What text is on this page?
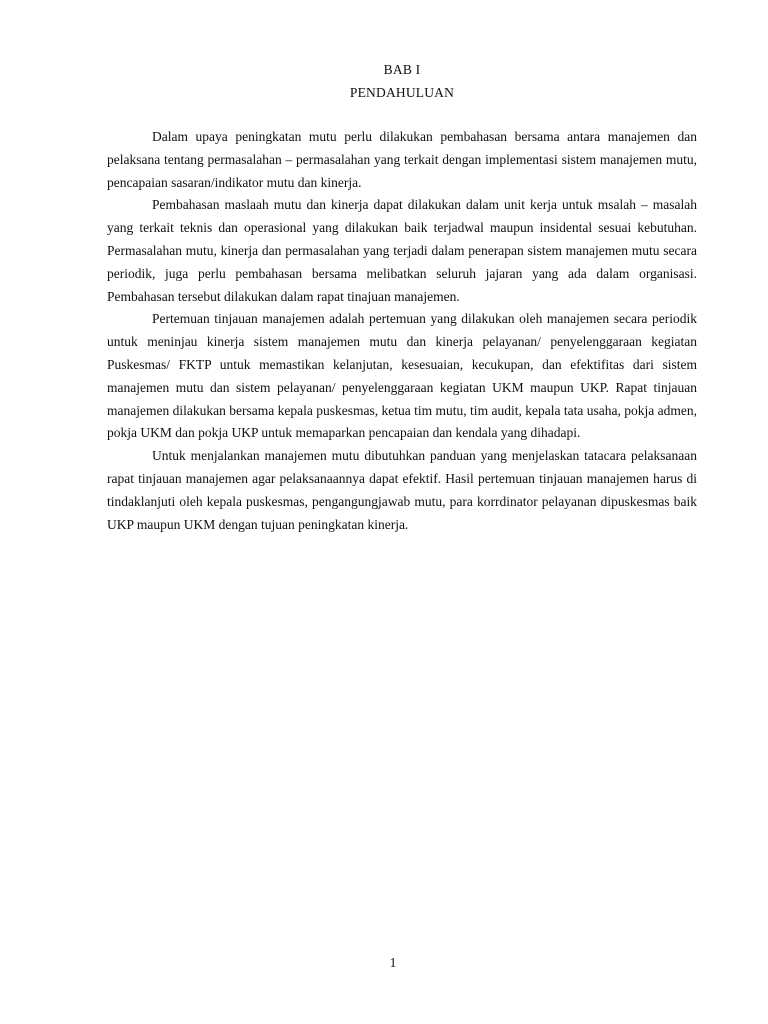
BAB I
PENDAHULUAN

Dalam upaya peningkatan mutu perlu dilakukan pembahasan bersama antara manajemen dan pelaksana tentang permasalahan – permasalahan yang terkait dengan implementasi sistem manajemen mutu, pencapaian sasaran/indikator mutu dan kinerja.

Pembahasan maslaah mutu dan kinerja dapat dilakukan dalam unit kerja untuk msalah – masalah yang terkait teknis dan operasional yang dilakukan baik terjadwal maupun insidental sesuai kebutuhan. Permasalahan mutu, kinerja dan permasalahan yang terjadi dalam penerapan sistem manajemen mutu secara periodik, juga perlu pembahasan bersama melibatkan seluruh jajaran yang ada dalam organisasi. Pembahasan tersebut dilakukan dalam rapat tinajuan manajemen.

Pertemuan tinjauan manajemen adalah pertemuan yang dilakukan oleh manajemen secara periodik untuk meninjau kinerja sistem manajemen mutu dan kinerja pelayanan/ penyelenggaraan kegiatan Puskesmas/ FKTP untuk memastikan kelanjutan, kesesuaian, kecukupan, dan efektifitas dari sistem manajemen mutu dan sistem pelayanan/ penyelenggaraan kegiatan UKM maupun UKP. Rapat tinjauan manajemen dilakukan bersama kepala puskesmas, ketua tim mutu, tim audit, kepala tata usaha, pokja admen, pokja UKM dan pokja UKP untuk memaparkan pencapaian dan kendala yang dihadapi.

Untuk menjalankan manajemen mutu dibutuhkan panduan yang menjelaskan tatacara pelaksanaan rapat tinjauan manajemen agar pelaksanaannya dapat efektif. Hasil pertemuan tinjauan manajemen harus di tindaklanjuti oleh kepala puskesmas, pengangungjawab mutu, para korrdinator pelayanan dipuskesmas baik UKP maupun UKM dengan tujuan peningkatan kinerja.

1
